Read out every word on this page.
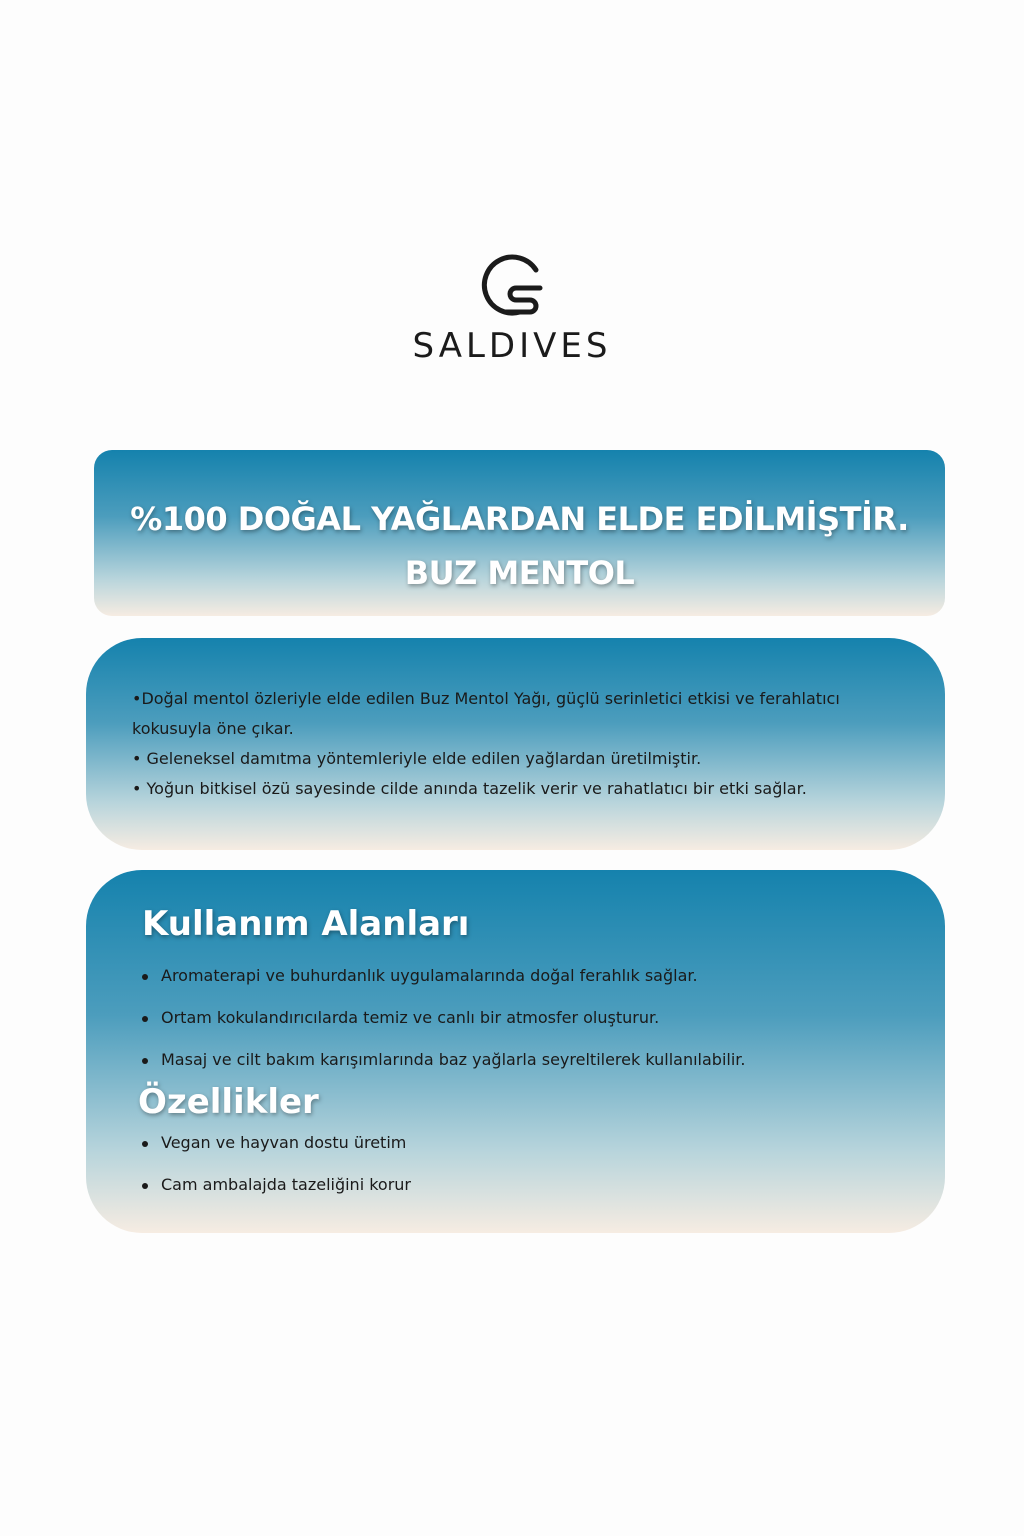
SALDIVES
%100 DOĞAL YAĞLARDAN ELDE EDİLMİŞTİR.
BUZ MENTOL
•Doğal mentol özleriyle elde edilen Buz Mentol Yağı, güçlü serinletici etkisi ve ferahlatıcı
kokusuyla öne çıkar.
• Geleneksel damıtma yöntemleriyle elde edilen yağlardan üretilmiştir.
• Yoğun bitkisel özü sayesinde cilde anında tazelik verir ve rahatlatıcı bir etki sağlar.
Kullanım Alanları
Aromaterapi ve buhurdanlık uygulamalarında doğal ferahlık sağlar.
Ortam kokulandırıcılarda temiz ve canlı bir atmosfer oluşturur.
Masaj ve cilt bakım karışımlarında baz yağlarla seyreltilerek kullanılabilir.
Özellikler
Vegan ve hayvan dostu üretim
Cam ambalajda tazeliğini korur
